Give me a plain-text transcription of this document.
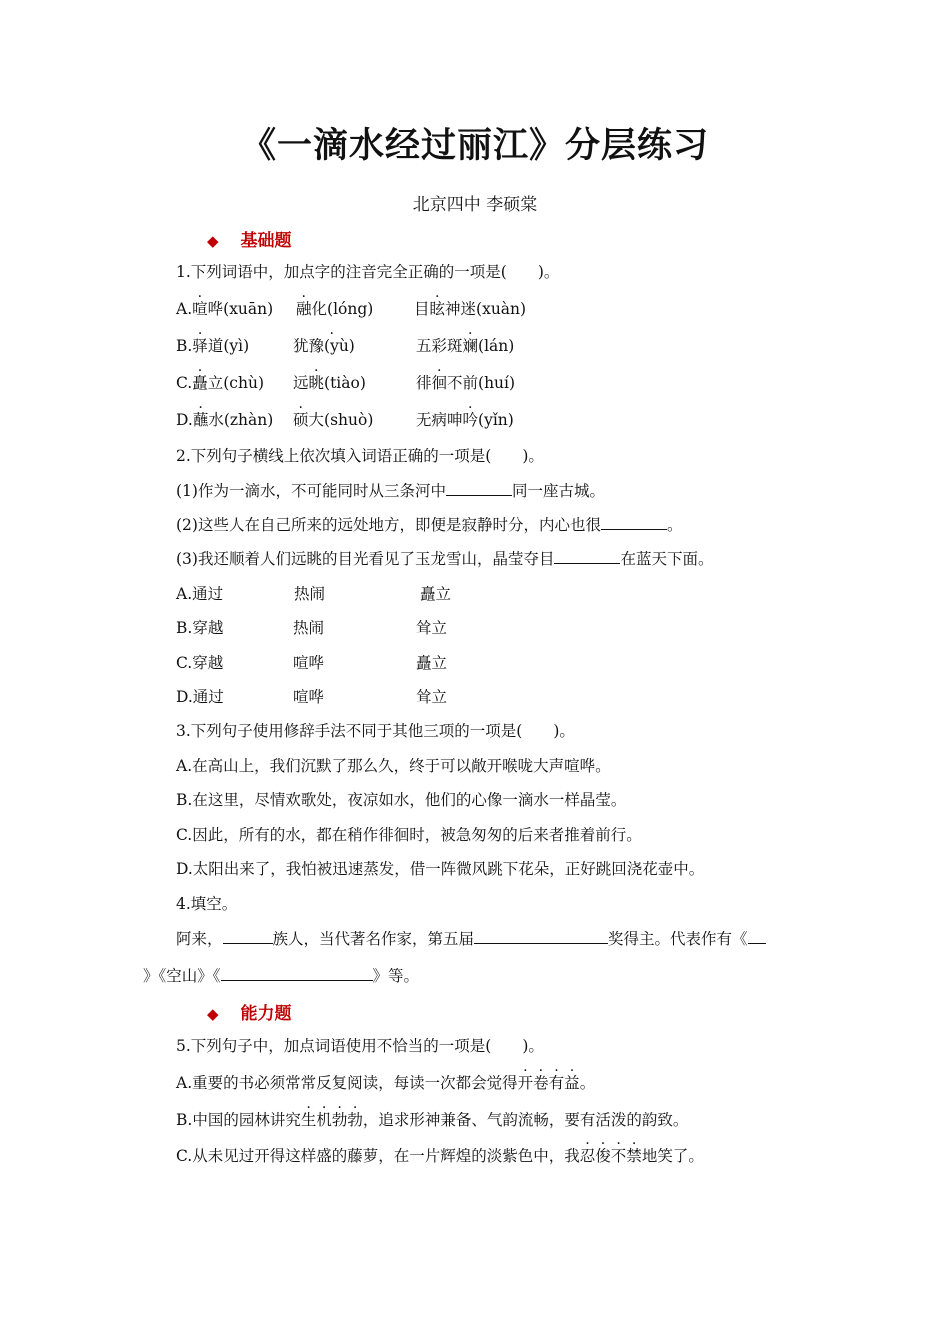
《一滴水经过丽江》分层练习
北京四中 李硕棠
◆ 基础题
1.下列词语中，加点字的注音完全正确的一项是(　　)。
A.喧哗(xuān) 融化(lóng)	目眩神迷(xuàn)
B.驿道(yì)	犹. 豫(yù)	五彩斑斓(lán)
C.矗立(chù) 远眺(tiào)	徘徊不前(huí)
D.蘸水(zhàn) 硕大(shuò)	无病呻吟(yǐn)
2.下列句子横线上依次填入词语正确的一项是(　　)。
(1)作为一滴水，不可能同时从三条河中	同一座古城。
(2)这些人在自己所来的远处地方，即便是寂静时分，内心也很	。
(3)我还顺着人们远眺的目光看见了玉龙雪山，晶莹夺目	在蓝天下面。
A.通过	热闹	矗立
B.穿越	热闹	耸立
C.穿越	喧哗	矗立
D.通过	喧哗	耸立
3.下列句子使用修辞手法不同于其他三项的一项是(　　)。
A.在高山上，我们沉默了那么久，终于可以敞开喉咙大声喧哗。
B.在这里，尽情欢歌处，夜凉如水，他们的心像一滴水一样晶莹。
C.因此，所有的水，都在稍作徘徊时，被急匆匆的后来者推着前行。
D.太阳出来了，我怕被迅速蒸发，借一阵微风跳下花朵，正好跳回浇花壶中。
4.填空。
阿来，	族人，当代著名作家，第五届	奖得主。代表作有《
》《空山》《	》等。
◆ 能力题
5.下列句子中，加点词语使用不恰当的一项是(　　)。
A.重要的书必须常常反复阅读，每读一次都会觉得开卷有益。
B.中国的园林讲究生机勃勃，追求形神兼备、气韵流畅，要有活泼的韵致。
C.从未见过开得这样盛的藤萝，在一片辉煌的淡紫色中，我忍俊不禁地笑了。
